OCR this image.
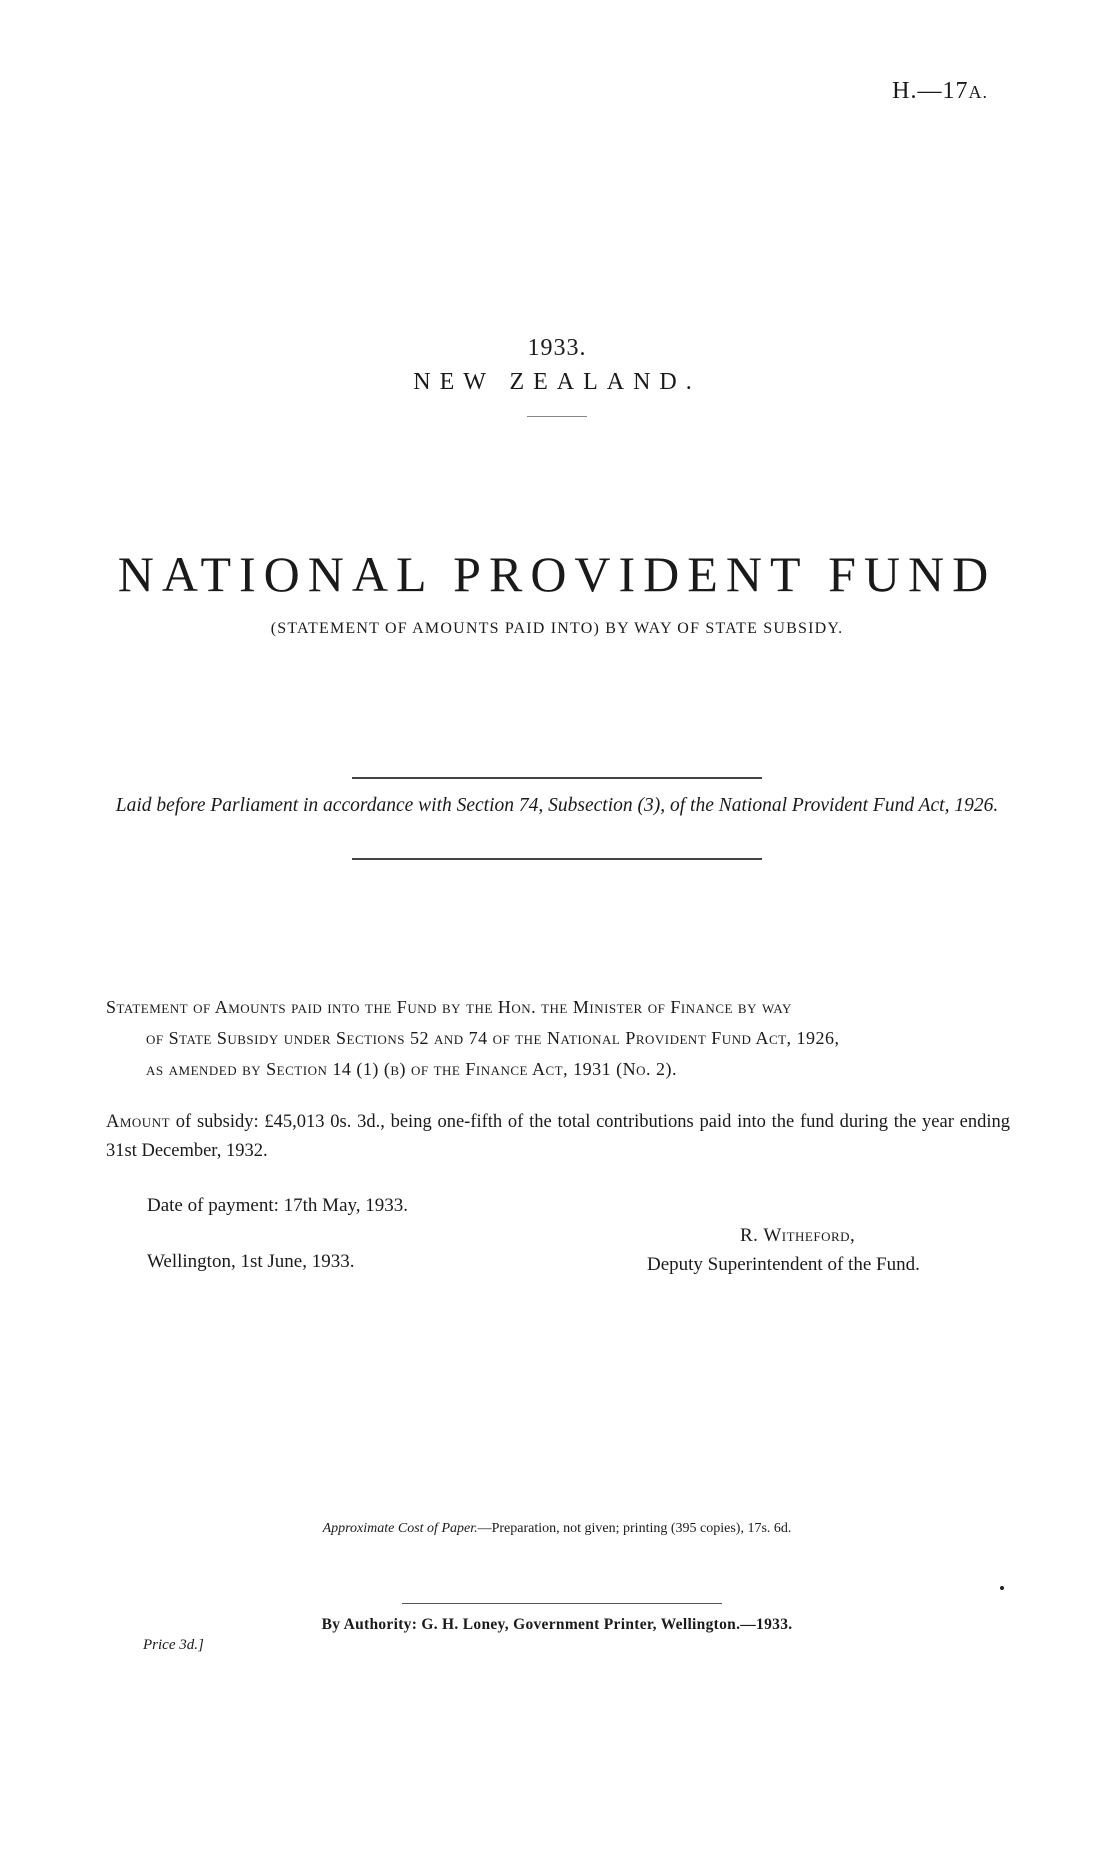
H.—17A.
1933.
NEW ZEALAND.
NATIONAL PROVIDENT FUND
(STATEMENT OF AMOUNTS PAID INTO) BY WAY OF STATE SUBSIDY.
Laid before Parliament in accordance with Section 74, Subsection (3), of the National Provident Fund Act, 1926.
Statement of Amounts paid into the Fund by the Hon. the Minister of Finance by way
of State Subsidy under Sections 52 and 74 of the National Provident Fund Act, 1926,
as amended by Section 14 (1) (b) of the Finance Act, 1931 (No. 2).
Amount of subsidy: £45,013 0s. 3d., being one-fifth of the total contributions paid into the fund during the year ending 31st December, 1932.
Date of payment: 17th May, 1933.
Wellington, 1st June, 1933.
R. Witheford,
Deputy Superintendent of the Fund.
Approximate Cost of Paper.—Preparation, not given; printing (395 copies), 17s. 6d.
By Authority: G. H. Loney, Government Printer, Wellington.—1933.
Price 3d.]
